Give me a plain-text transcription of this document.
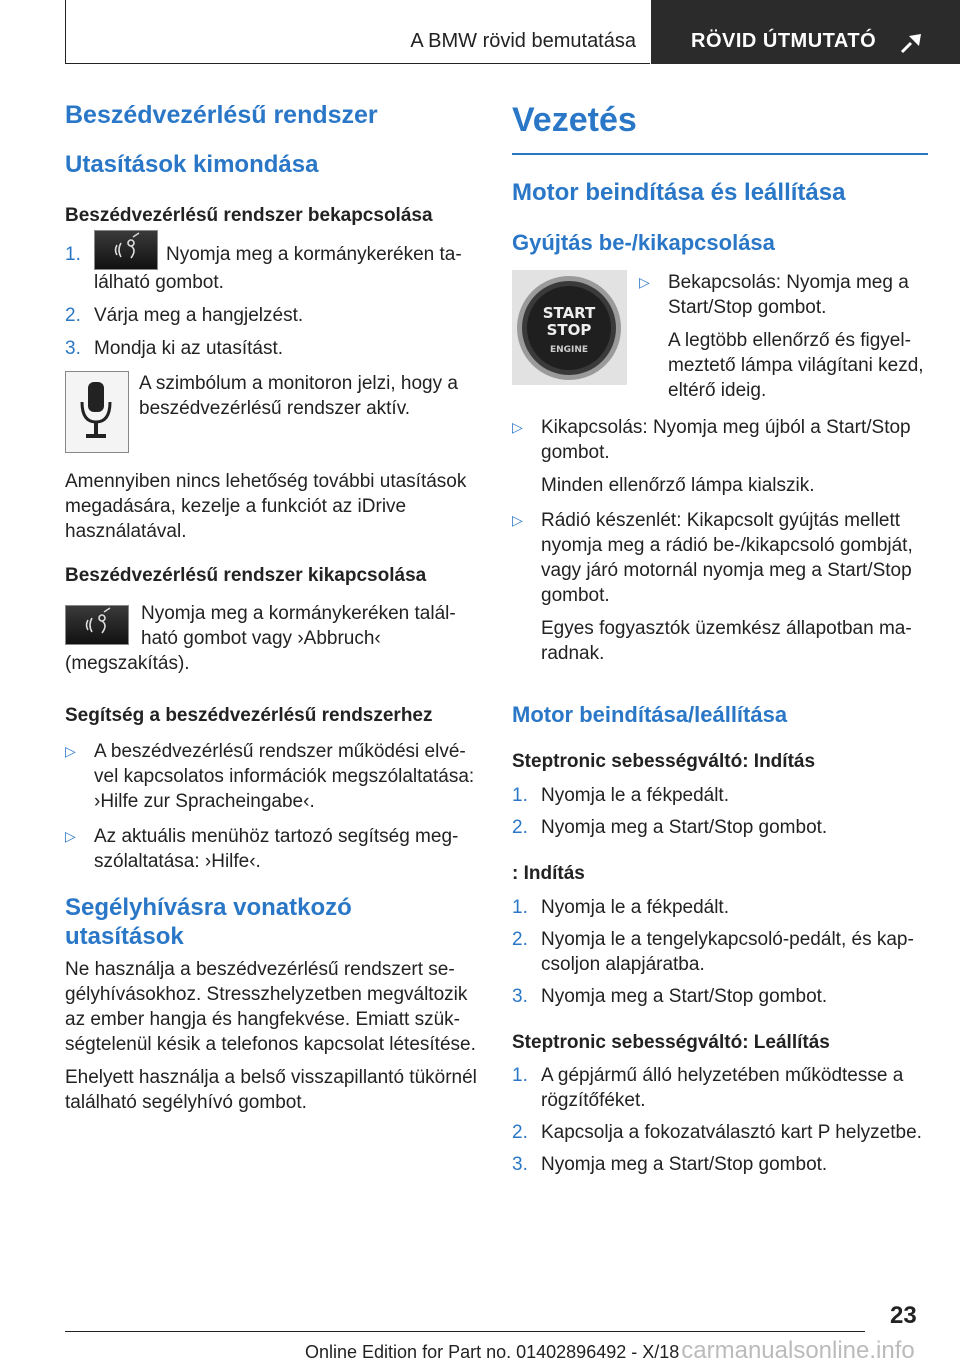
A BMW rövid bemutatása	RÖVID ÚTMUTATÓ
Beszédvezérlésű rendszer
Utasítások kimondása
Beszédvezérlésű rendszer bekapcsolása
1.	Nyomja meg a kormánykeréken található gombot.
2. Várja meg a hangjelzést.
3. Mondja ki az utasítást.

A szimbólum a monitoron jelzi, hogy a beszédvezérlésű rendszer aktív.

Amennyiben nincs lehetőség további utasítások megadására, kezelje a funkciót az iDrive használatával.

Beszédvezérlésű rendszer kikapcsolása

Nyomja meg a kormánykeréken található gombot vagy ›Abbruch‹ (megszakítás).

Segítség a beszédvezérlésű rendszerhez
▷ A beszédvezérlésű rendszer működési elvével kapcsolatos információk megszólaltatása: ›Hilfe zur Spracheingabe‹.
▷ Az aktuális menühöz tartozó segítség megszólaltatása: ›Hilfe‹.
Segélyhívásra vonatkozó utasítások

Ne használja a beszédvezérlésű rendszert segélyhívásokhoz. Stresszhelyzetben megváltozik az ember hangja és hangfekvése. Emiatt szükségtelenül késik a telefonos kapcsolat létesítése.

Ehelyett használja a belső visszapillantó tükörnél található segélyhívó gombot.

Vezetés
Motor beindítása és leállítása
Gyújtás be-/kikapcsolása
START
STOP
ENGINE
▷ Bekapcsolás: Nyomja meg a Start/Stop gombot.
A legtöbb ellenőrző és figyelmeztető lámpa világítani kezd, eltérő ideig.
▷ Kikapcsolás: Nyomja meg újból a Start/Stop gombot.
Minden ellenőrző lámpa kialszik.
▷ Rádió készenlét: Kikapcsolt gyújtás mellett nyomja meg a rádió be-/kikapcsoló gombját, vagy járó motornál nyomja meg a Start/Stop gombot.
Egyes fogyasztók üzemkész állapotban maradnak.
Motor beindítása/leállítása
Steptronic sebességváltó: Indítás
1. Nyomja le a fékpedált.
2. Nyomja meg a Start/Stop gombot.
: Indítás
1. Nyomja le a fékpedált.
2. Nyomja le a tengelykapcsoló-pedált, és kapcsoljon alapjáratba.
3. Nyomja meg a Start/Stop gombot.
Steptronic sebességváltó: Leállítás
1. A gépjármű álló helyzetében működtesse a rögzítőféket.
2. Kapcsolja a fokozatválasztó kart P helyzetbe.
3. Nyomja meg a Start/Stop gombot.
23
Online Edition for Part no. 01402896492 - X/18carmanualsonline.info
